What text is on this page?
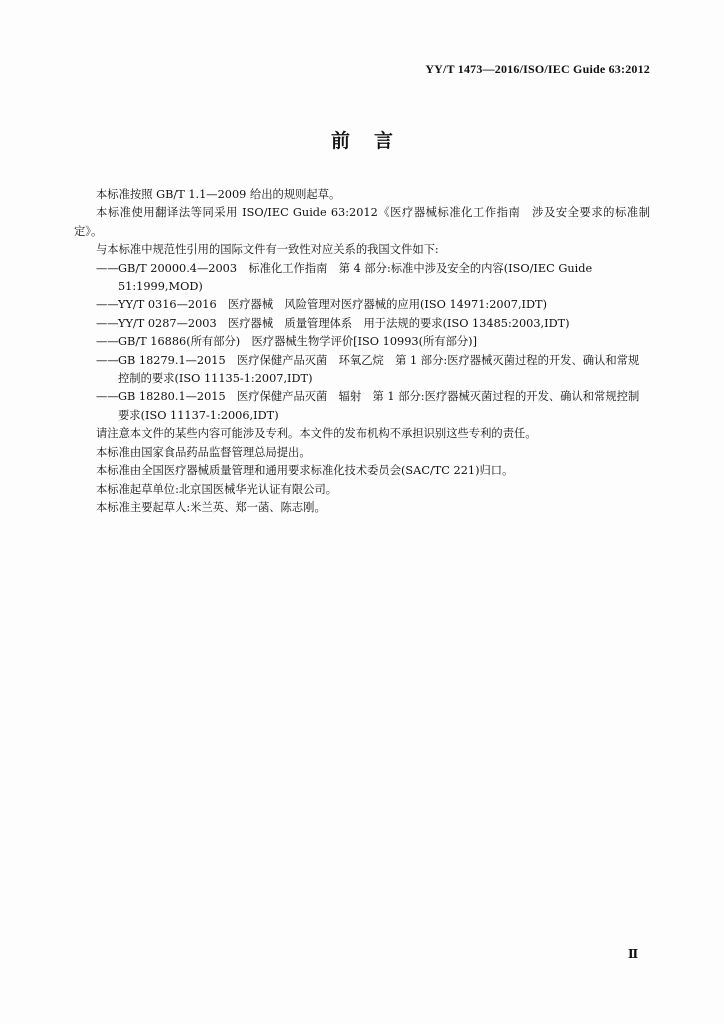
YY/T 1473—2016/ISO/IEC Guide 63:2012
前言

本标准按照 GB/T 1.1—2009 给出的规则起草。

本标准使用翻译法等同采用 ISO/IEC Guide 63:2012《医疗器械标准化工作指南　涉及安全要求的标准制定》。

与本标准中规范性引用的国际文件有一致性对应关系的我国文件如下:

——GB/T 20000.4—2003　标准化工作指南　第 4 部分:标准中涉及安全的内容(ISO/IEC Guide 51:1999,MOD)

——YY/T 0316—2016　医疗器械　风险管理对医疗器械的应用(ISO 14971:2007,IDT)

——YY/T 0287—2003　医疗器械　质量管理体系　用于法规的要求(ISO 13485:2003,IDT)

——GB/T 16886(所有部分)　医疗器械生物学评价[ISO 10993(所有部分)]

——GB 18279.1—2015　医疗保健产品灭菌　环氧乙烷　第 1 部分:医疗器械灭菌过程的开发、确认和常规控制的要求(ISO 11135-1:2007,IDT)

——GB 18280.1—2015　医疗保健产品灭菌　辐射　第 1 部分:医疗器械灭菌过程的开发、确认和常规控制要求(ISO 11137-1:2006,IDT)

请注意本文件的某些内容可能涉及专利。本文件的发布机构不承担识别这些专利的责任。

本标准由国家食品药品监督管理总局提出。

本标准由全国医疗器械质量管理和通用要求标准化技术委员会(SAC/TC 221)归口。

本标准起草单位:北京国医械华光认证有限公司。

本标准主要起草人:米兰英、郑一菡、陈志刚。

Ⅱ
